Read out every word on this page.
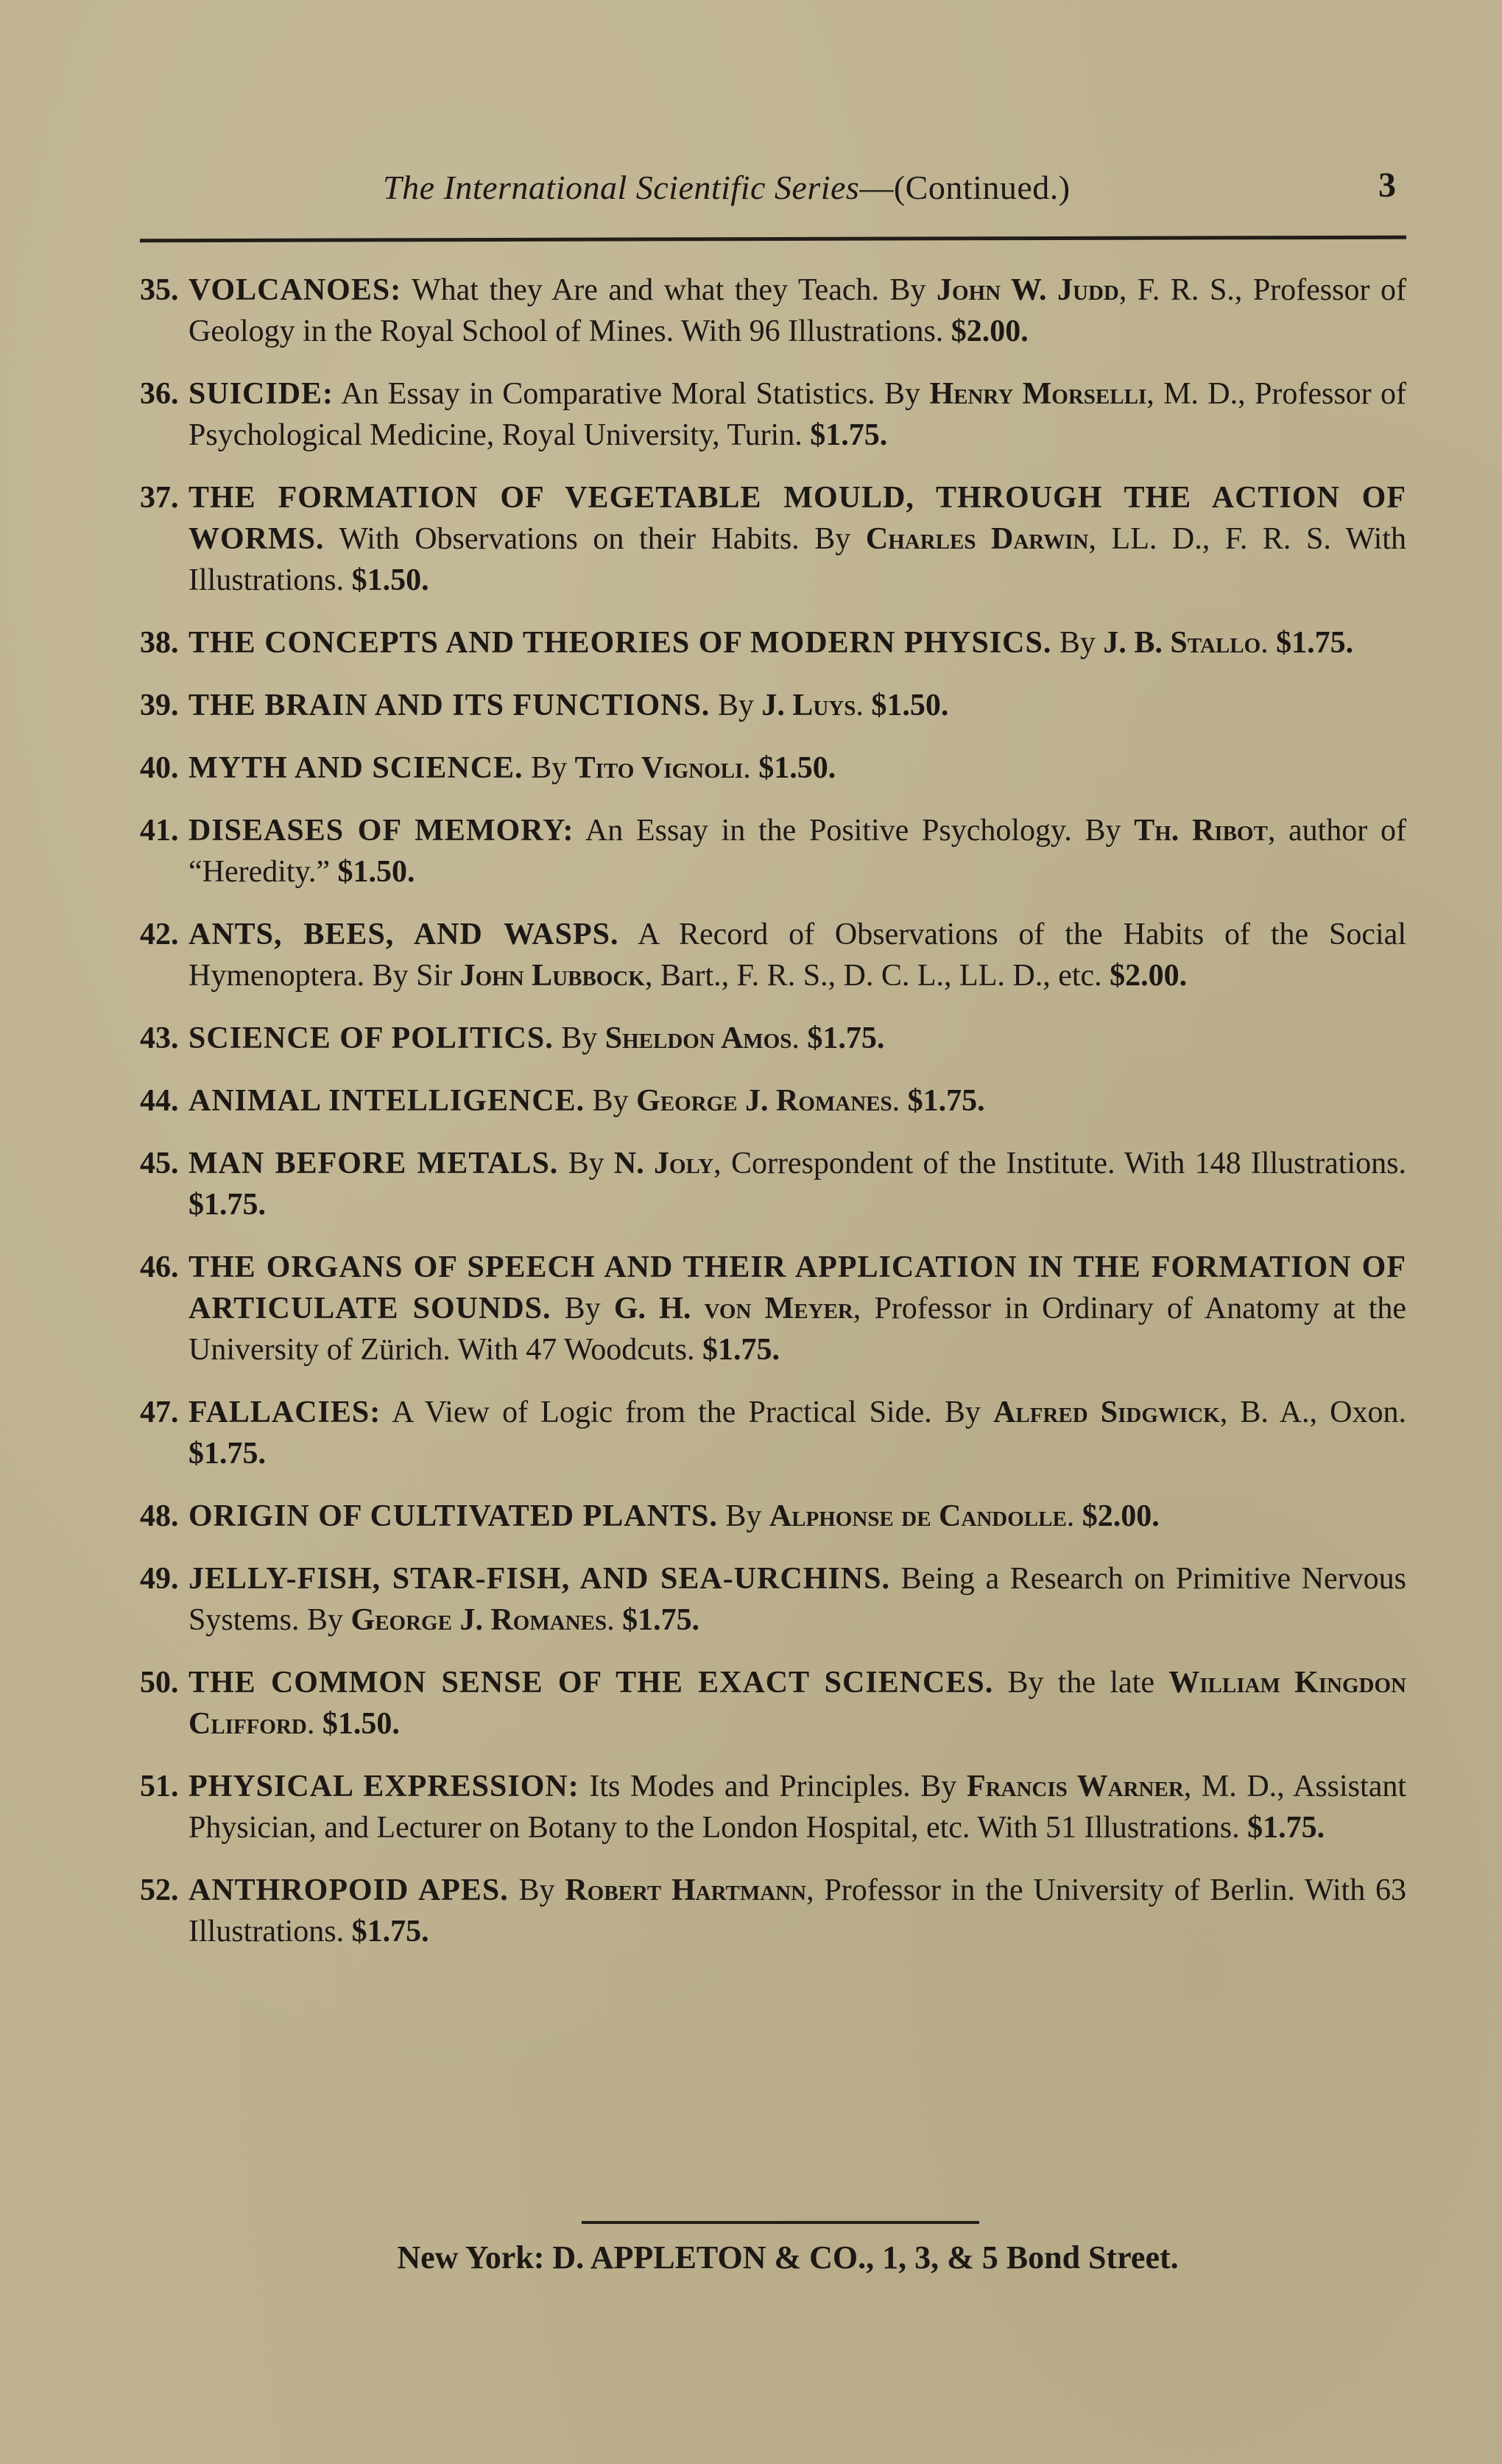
The International Scientific Series—(Continued.)	3
35. VOLCANOES: What they Are and what they Teach. By John W. Judd, F. R. S., Professor of Geology in the Royal School of Mines. With 96 Illustrations. $2.00.
36. SUICIDE: An Essay in Comparative Moral Statistics. By Henry Morselli, M. D., Professor of Psychological Medicine, Royal University, Turin. $1.75.
37. THE FORMATION OF VEGETABLE MOULD, THROUGH THE ACTION OF WORMS. With Observations on their Habits. By Charles Darwin, LL. D., F. R. S. With Illustrations. $1.50.
38. THE CONCEPTS AND THEORIES OF MODERN PHYSICS. By J. B. Stallo. $1.75.
39. THE BRAIN AND ITS FUNCTIONS. By J. Luys. $1.50.
40. MYTH AND SCIENCE. By Tito Vignoli. $1.50.
41. DISEASES OF MEMORY: An Essay in the Positive Psychology. By Th. Ribot, author of “Heredity.” $1.50.
42. ANTS, BEES, AND WASPS. A Record of Observations of the Habits of the Social Hymenoptera. By Sir John Lubbock, Bart., F. R. S., D. C. L., LL. D., etc. $2.00.
43. SCIENCE OF POLITICS. By Sheldon Amos. $1.75.
44. ANIMAL INTELLIGENCE. By George J. Romanes. $1.75.
45. MAN BEFORE METALS. By N. Joly, Correspondent of the Institute. With 148 Illustrations. $1.75.
46. THE ORGANS OF SPEECH AND THEIR APPLICATION IN THE FORMATION OF ARTICULATE SOUNDS. By G. H. von Meyer, Professor in Ordinary of Anatomy at the University of Zürich. With 47 Woodcuts. $1.75.
47. FALLACIES: A View of Logic from the Practical Side. By Alfred Sidgwick, B. A., Oxon. $1.75.
48. ORIGIN OF CULTIVATED PLANTS. By Alphonse de Candolle. $2.00.
49. JELLY-FISH, STAR-FISH, AND SEA-URCHINS. Being a Research on Primitive Nervous Systems. By George J. Romanes. $1.75.
50. THE COMMON SENSE OF THE EXACT SCIENCES. By the late William Kingdon Clifford. $1.50.
51. PHYSICAL EXPRESSION: Its Modes and Principles. By Francis Warner, M. D., Assistant Physician, and Lecturer on Botany to the London Hospital, etc. With 51 Illustrations. $1.75.
52. ANTHROPOID APES. By Robert Hartmann, Professor in the University of Berlin. With 63 Illustrations. $1.75.
New York: D. APPLETON & CO., 1, 3, & 5 Bond Street.
